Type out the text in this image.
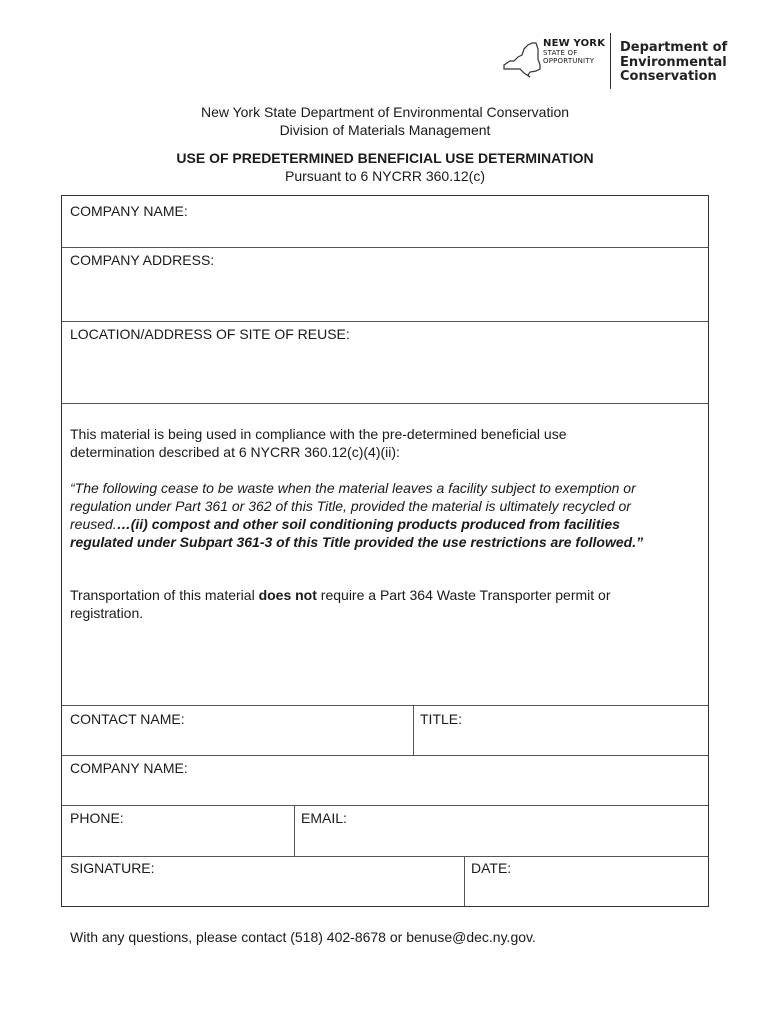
NEW YORK
STATE OF
OPPORTUNITY
Department of
Environmental
Conservation
New York State Department of Environmental Conservation
Division of Materials Management
USE OF PREDETERMINED BENEFICIAL USE DETERMINATION
Pursuant to 6 NYCRR 360.12(c)
COMPANY NAME:
COMPANY ADDRESS:
LOCATION/ADDRESS OF SITE OF REUSE:
This material is being used in compliance with the pre-determined beneficial use
determination described at 6 NYCRR 360.12(c)(4)(ii):
“The following cease to be waste when the material leaves a facility subject to exemption or
regulation under Part 361 or 362 of this Title, provided the material is ultimately recycled or
reused.…(ii) compost and other soil conditioning products produced from facilities
regulated under Subpart 361-3 of this Title provided the use restrictions are followed.”
Transportation of this material does not require a Part 364 Waste Transporter permit or
registration.
CONTACT NAME:	TITLE:
COMPANY NAME:
PHONE:	EMAIL:
SIGNATURE:	DATE:
With any questions, please contact (518) 402-8678 or benuse@dec.ny.gov.
